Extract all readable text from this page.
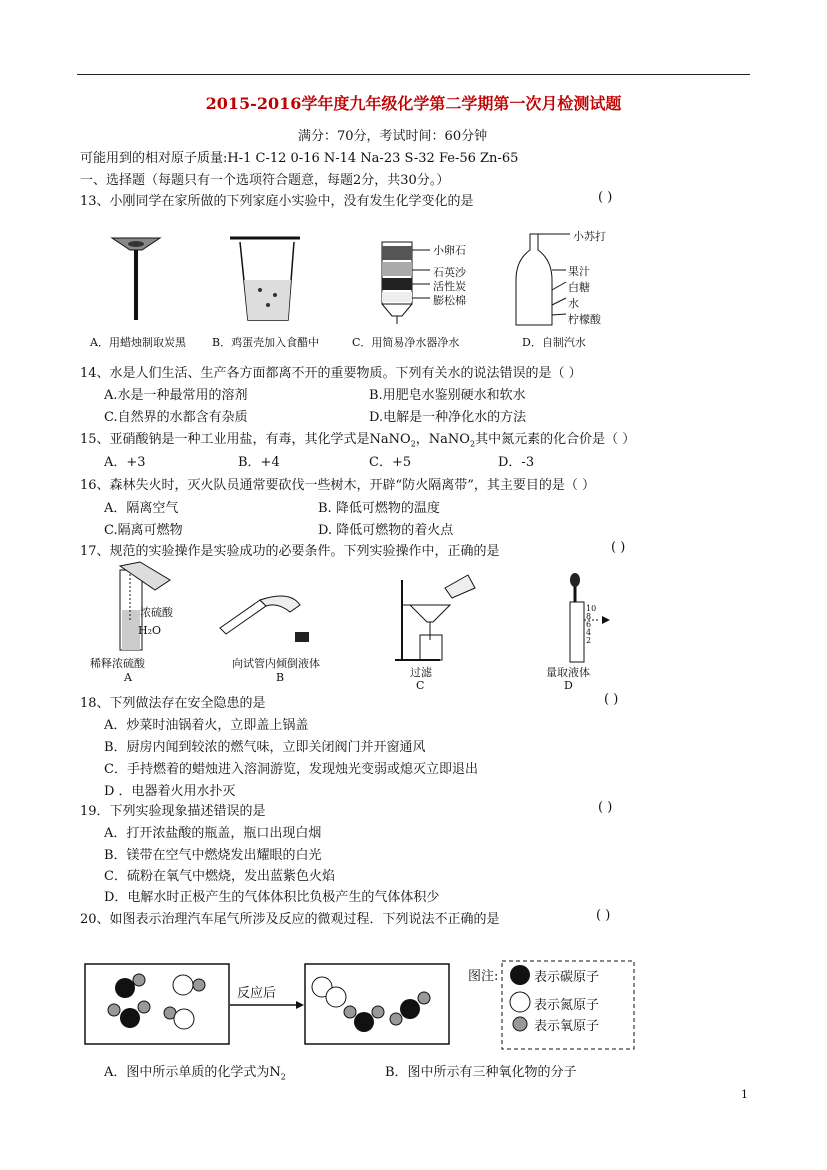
2015-2016学年度九年级化学第二学期第一次月检测试题
满分：70分，考试时间：60分钟
可能用到的相对原子质量:H-1 C-12 0-16 N-14 Na-23 S-32 Fe-56 Zn-65
一、选择题（每题只有一个选项符合题意，每题2分，共30分。）
13、小刚同学在家所做的下列家庭小实验中，没有发生化学变化的是	( )
小卵石
石英沙
活性炭
膨松棉
小苏打
果汁
白糖
水
柠檬酸
A．用蜡烛制取炭黑 B．鸡蛋壳加入食醋中	C．用简易净水器净水	D．自制汽水
14、水是人们生活、生产各方面都离不开的重要物质。下列有关水的说法错误的是（ ）
A.水是一种最常用的溶剂	B.用肥皂水鉴别硬水和软水
C.自然界的水都含有杂质	D.电解是一种净化水的方法
15、亚硝酸钠是一种工业用盐，有毒，其化学式是NaNO$_2$，NaNO$_2$其中氮元素的化合价是（ ）
A．+3	B．+4	C．+5	D．-3
16、森林失火时，灭火队员通常要砍伐一些树木，开辟“防火隔离带”，其主要目的是（ ）
A．隔离空气	B. 降低可燃物的温度
C.隔离可燃物	D. 降低可燃物的着火点
17、规范的实验操作是实验成功的必要条件。下列实验操作中，正确的是	( )
浓硫酸
H₂O
稀释浓硫酸	向试管内倾倒液体
过滤	量取液体
10
8
6
4
2
A	B
C	D
18、下列做法存在安全隐患的是	( )
A．炒菜时油锅着火，立即盖上锅盖
B．厨房内闻到较浓的燃气味，立即关闭阀门并开窗通风
C．手持燃着的蜡烛进入溶洞游览，发现烛光变弱或熄灭立即退出
D ．电器着火用水扑灭
19．下列实验现象描述错误的是	( )
A．打开浓盐酸的瓶盖，瓶口出现白烟
B．镁带在空气中燃烧发出耀眼的白光
C．硫粉在氧气中燃烧，发出蓝紫色火焰
D．电解水时正极产生的气体体积比负极产生的气体体积少
20、如图表示治理汽车尾气所涉及反应的微观过程．下列说法不正确的是	( )
反应后
图注:	表示碳原子
表示氮原子
表示氧原子
A．图中所示单质的化学式为$N_2$	B．图中所示有三种氧化物的分子
1
